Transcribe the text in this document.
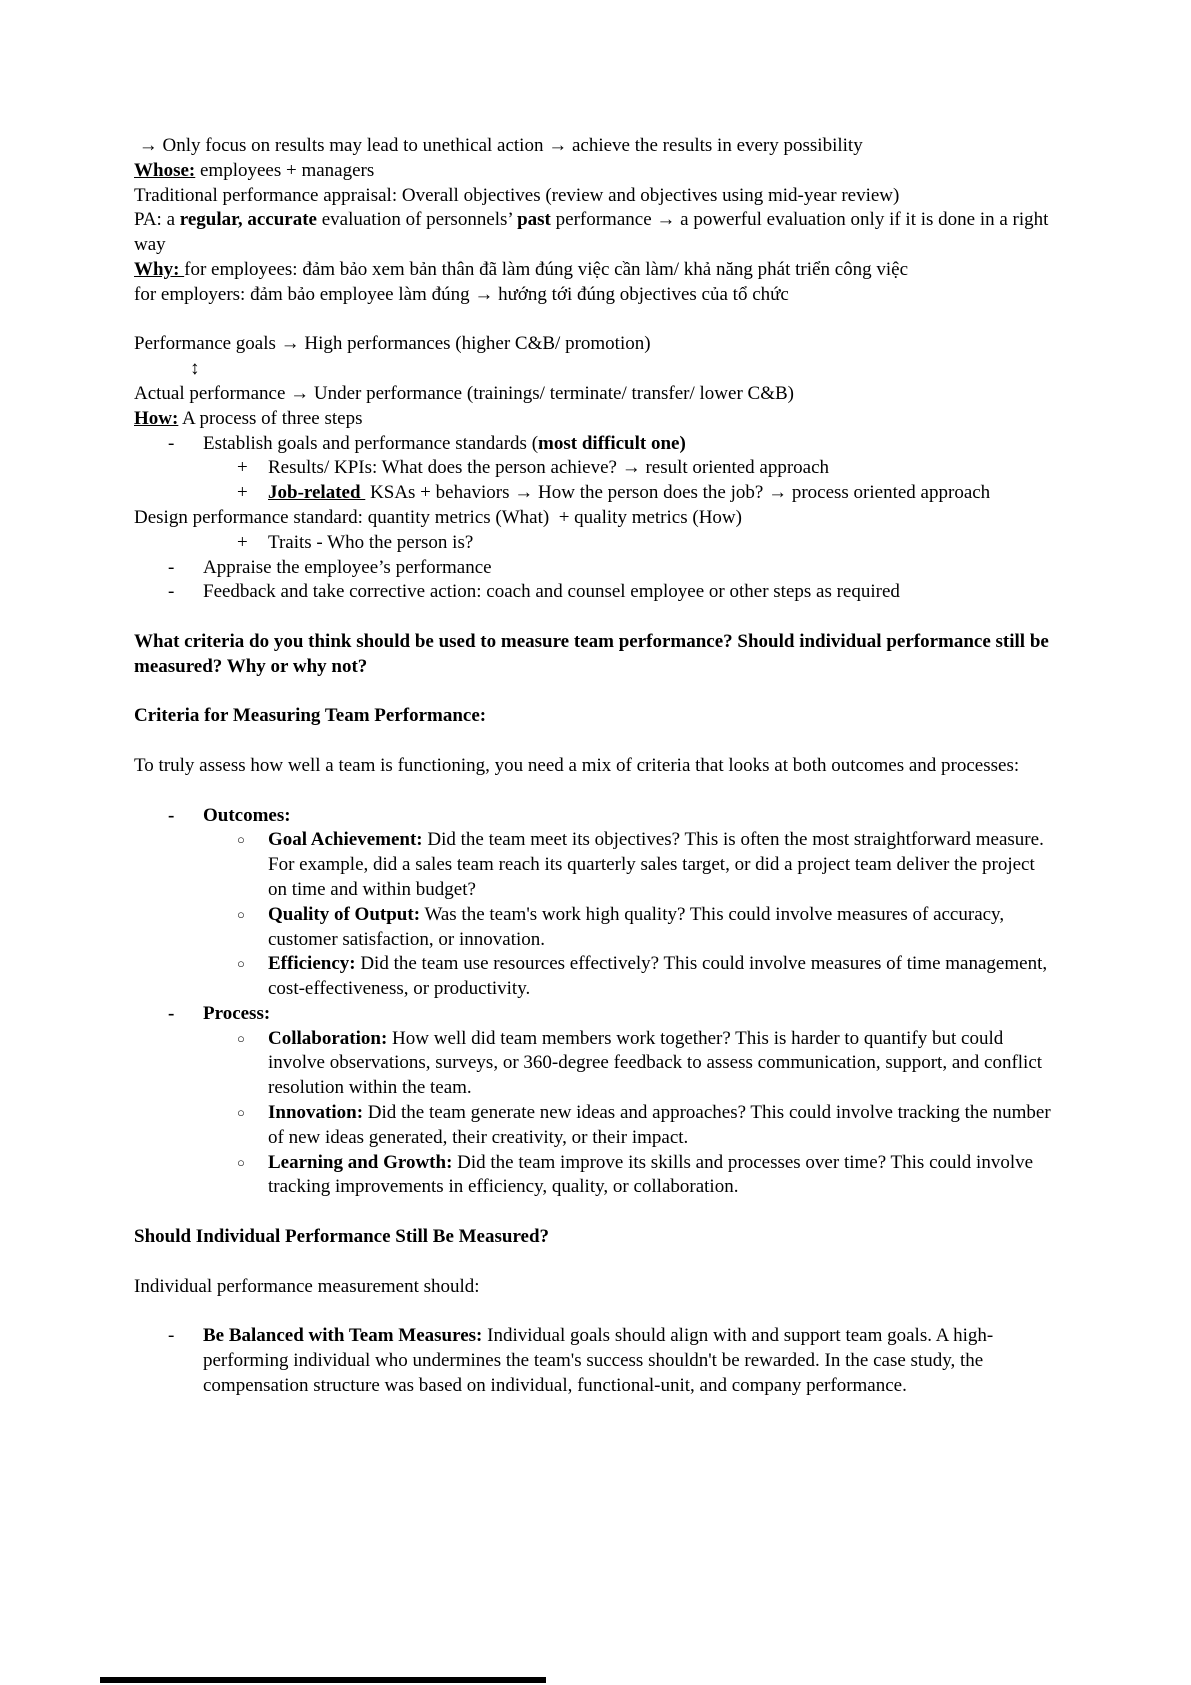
→ Only focus on results may lead to unethical action → achieve the results in every possibility
Whose: employees + managers
Traditional performance appraisal: Overall objectives (review and objectives using mid-year review)
PA: a regular, accurate evaluation of personnels’ past performance → a powerful evaluation only if it is done in a right way
Why: for employees: đảm bảo xem bản thân đã làm đúng việc cần làm/ khả năng phát triển công việc
for employers: đảm bảo employee làm đúng → hướng tới đúng objectives của tổ chức

Performance goals → High performances (higher C&B/ promotion)
↕
Actual performance → Under performance (trainings/ terminate/ transfer/ lower C&B)
How: A process of three steps
- Establish goals and performance standards (most difficult one)
+ Results/ KPIs: What does the person achieve? → result oriented approach
+ Job-related  KSAs + behaviors → How the person does the job? → process oriented approach
Design performance standard: quantity metrics (What)  + quality metrics (How)
+ Traits - Who the person is?
- Appraise the employee’s performance
- Feedback and take corrective action: coach and counsel employee or other steps as required

What criteria do you think should be used to measure team performance? Should individual performance still be measured? Why or why not?

Criteria for Measuring Team Performance:

To truly assess how well a team is functioning, you need a mix of criteria that looks at both outcomes and processes:

- Outcomes:
○ Goal Achievement: Did the team meet its objectives? This is often the most straightforward measure. For example, did a sales team reach its quarterly sales target, or did a project team deliver the project on time and within budget?
○ Quality of Output: Was the team's work high quality? This could involve measures of accuracy, customer satisfaction, or innovation.
○ Efficiency: Did the team use resources effectively? This could involve measures of time management, cost-effectiveness, or productivity.
- Process:
○ Collaboration: How well did team members work together? This is harder to quantify but could involve observations, surveys, or 360-degree feedback to assess communication, support, and conflict resolution within the team.
○ Innovation: Did the team generate new ideas and approaches? This could involve tracking the number of new ideas generated, their creativity, or their impact.
○ Learning and Growth: Did the team improve its skills and processes over time? This could involve tracking improvements in efficiency, quality, or collaboration.

Should Individual Performance Still Be Measured?

Individual performance measurement should:

- Be Balanced with Team Measures: Individual goals should align with and support team goals. A high-performing individual who undermines the team's success shouldn't be rewarded. In the case study, the compensation structure was based on individual, functional-unit, and company performance.
